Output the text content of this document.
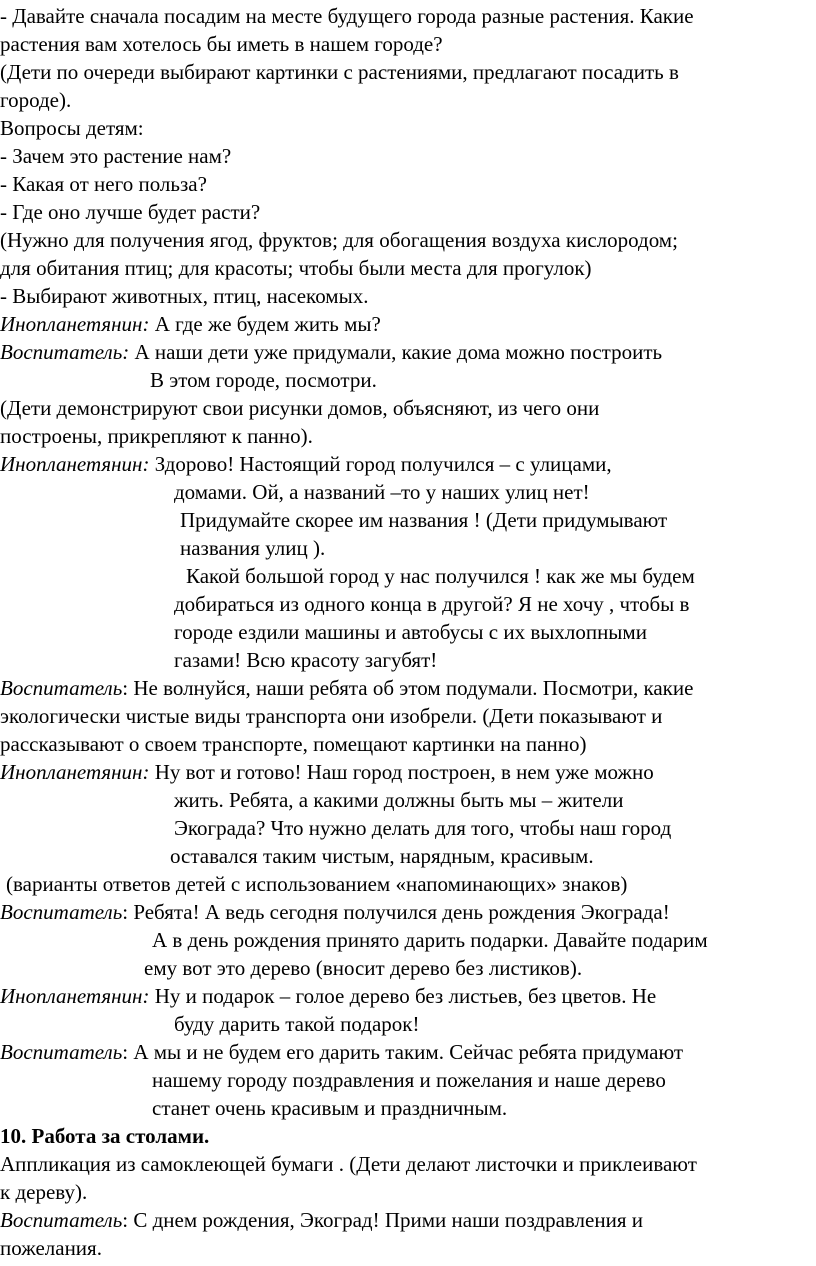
- Давайте сначала посадим на месте будущего города разные растения. Какие
растения вам хотелось бы иметь в нашем городе?
(Дети по очереди выбирают картинки с растениями, предлагают посадить в
городе).
Вопросы детям:
- Зачем это растение нам?
- Какая от него польза?
- Где оно лучше будет расти?
(Нужно для получения ягод, фруктов; для обогащения воздуха кислородом;
для обитания птиц; для красоты; чтобы были места для прогулок)
- Выбирают животных, птиц, насекомых.
Инопланетянин: А где же будем жить мы?
Воспитатель: А наши дети уже придумали, какие дома можно построить
В этом городе, посмотри.
(Дети демонстрируют свои рисунки домов, объясняют, из чего они
построены, прикрепляют к панно).
Инопланетянин: Здорово! Настоящий город получился – с улицами,
домами. Ой, а названий –то у наших улиц нет!
Придумайте скорее им названия ! (Дети придумывают
названия улиц ).
Какой большой город у нас получился ! как же мы будем
добираться из одного конца в другой? Я не хочу , чтобы в
городе ездили машины и автобусы с их выхлопными
газами! Всю красоту загубят!
Воспитатель: Не волнуйся, наши ребята об этом подумали. Посмотри, какие
экологически чистые виды транспорта они изобрели. (Дети показывают и
рассказывают о своем транспорте, помещают картинки на панно)
Инопланетянин: Ну вот и готово! Наш город построен, в нем уже можно
жить. Ребята, а какими должны быть мы – жители
Экограда? Что нужно делать для того, чтобы наш город
оставался таким чистым, нарядным, красивым.
(варианты ответов детей с использованием «напоминающих» знаков)
Воспитатель: Ребята! А ведь сегодня получился день рождения Экограда!
А в день рождения принято дарить подарки. Давайте подарим
ему вот это дерево (вносит дерево без листиков).
Инопланетянин: Ну и подарок – голое дерево без листьев, без цветов. Не
буду дарить такой подарок!
Воспитатель: А мы и не будем его дарить таким. Сейчас ребята придумают
нашему городу поздравления и пожелания и наше дерево
станет очень красивым и праздничным.
10. Работа за столами.
Аппликация из самоклеющей бумаги . (Дети делают листочки и приклеивают
к дереву).
Воспитатель: С днем рождения, Экоград! Прими наши поздравления и
пожелания.
